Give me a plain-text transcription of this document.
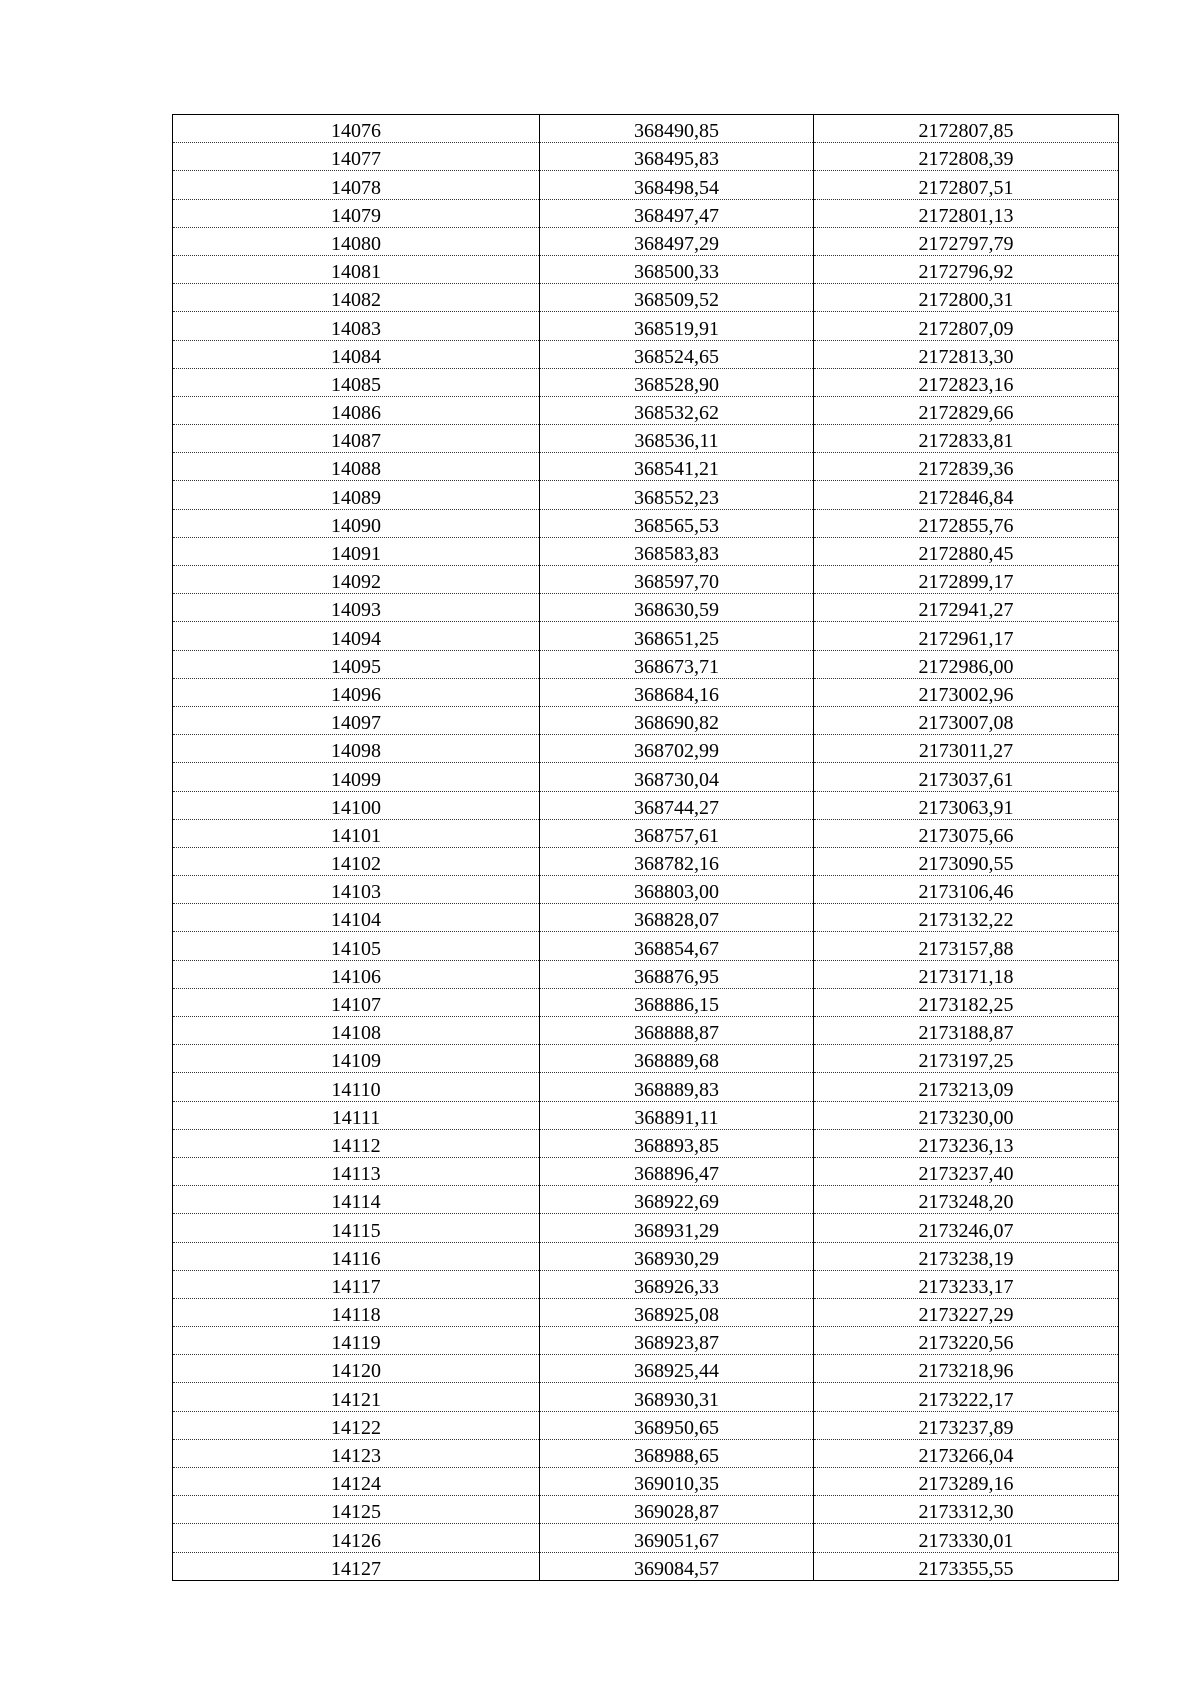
14076	368490,85	2172807,85
14077	368495,83	2172808,39
14078	368498,54	2172807,51
14079	368497,47	2172801,13
14080	368497,29	2172797,79
14081	368500,33	2172796,92
14082	368509,52	2172800,31
14083	368519,91	2172807,09
14084	368524,65	2172813,30
14085	368528,90	2172823,16
14086	368532,62	2172829,66
14087	368536,11	2172833,81
14088	368541,21	2172839,36
14089	368552,23	2172846,84
14090	368565,53	2172855,76
14091	368583,83	2172880,45
14092	368597,70	2172899,17
14093	368630,59	2172941,27
14094	368651,25	2172961,17
14095	368673,71	2172986,00
14096	368684,16	2173002,96
14097	368690,82	2173007,08
14098	368702,99	2173011,27
14099	368730,04	2173037,61
14100	368744,27	2173063,91
14101	368757,61	2173075,66
14102	368782,16	2173090,55
14103	368803,00	2173106,46
14104	368828,07	2173132,22
14105	368854,67	2173157,88
14106	368876,95	2173171,18
14107	368886,15	2173182,25
14108	368888,87	2173188,87
14109	368889,68	2173197,25
14110	368889,83	2173213,09
14111	368891,11	2173230,00
14112	368893,85	2173236,13
14113	368896,47	2173237,40
14114	368922,69	2173248,20
14115	368931,29	2173246,07
14116	368930,29	2173238,19
14117	368926,33	2173233,17
14118	368925,08	2173227,29
14119	368923,87	2173220,56
14120	368925,44	2173218,96
14121	368930,31	2173222,17
14122	368950,65	2173237,89
14123	368988,65	2173266,04
14124	369010,35	2173289,16
14125	369028,87	2173312,30
14126	369051,67	2173330,01
14127	369084,57	2173355,55
